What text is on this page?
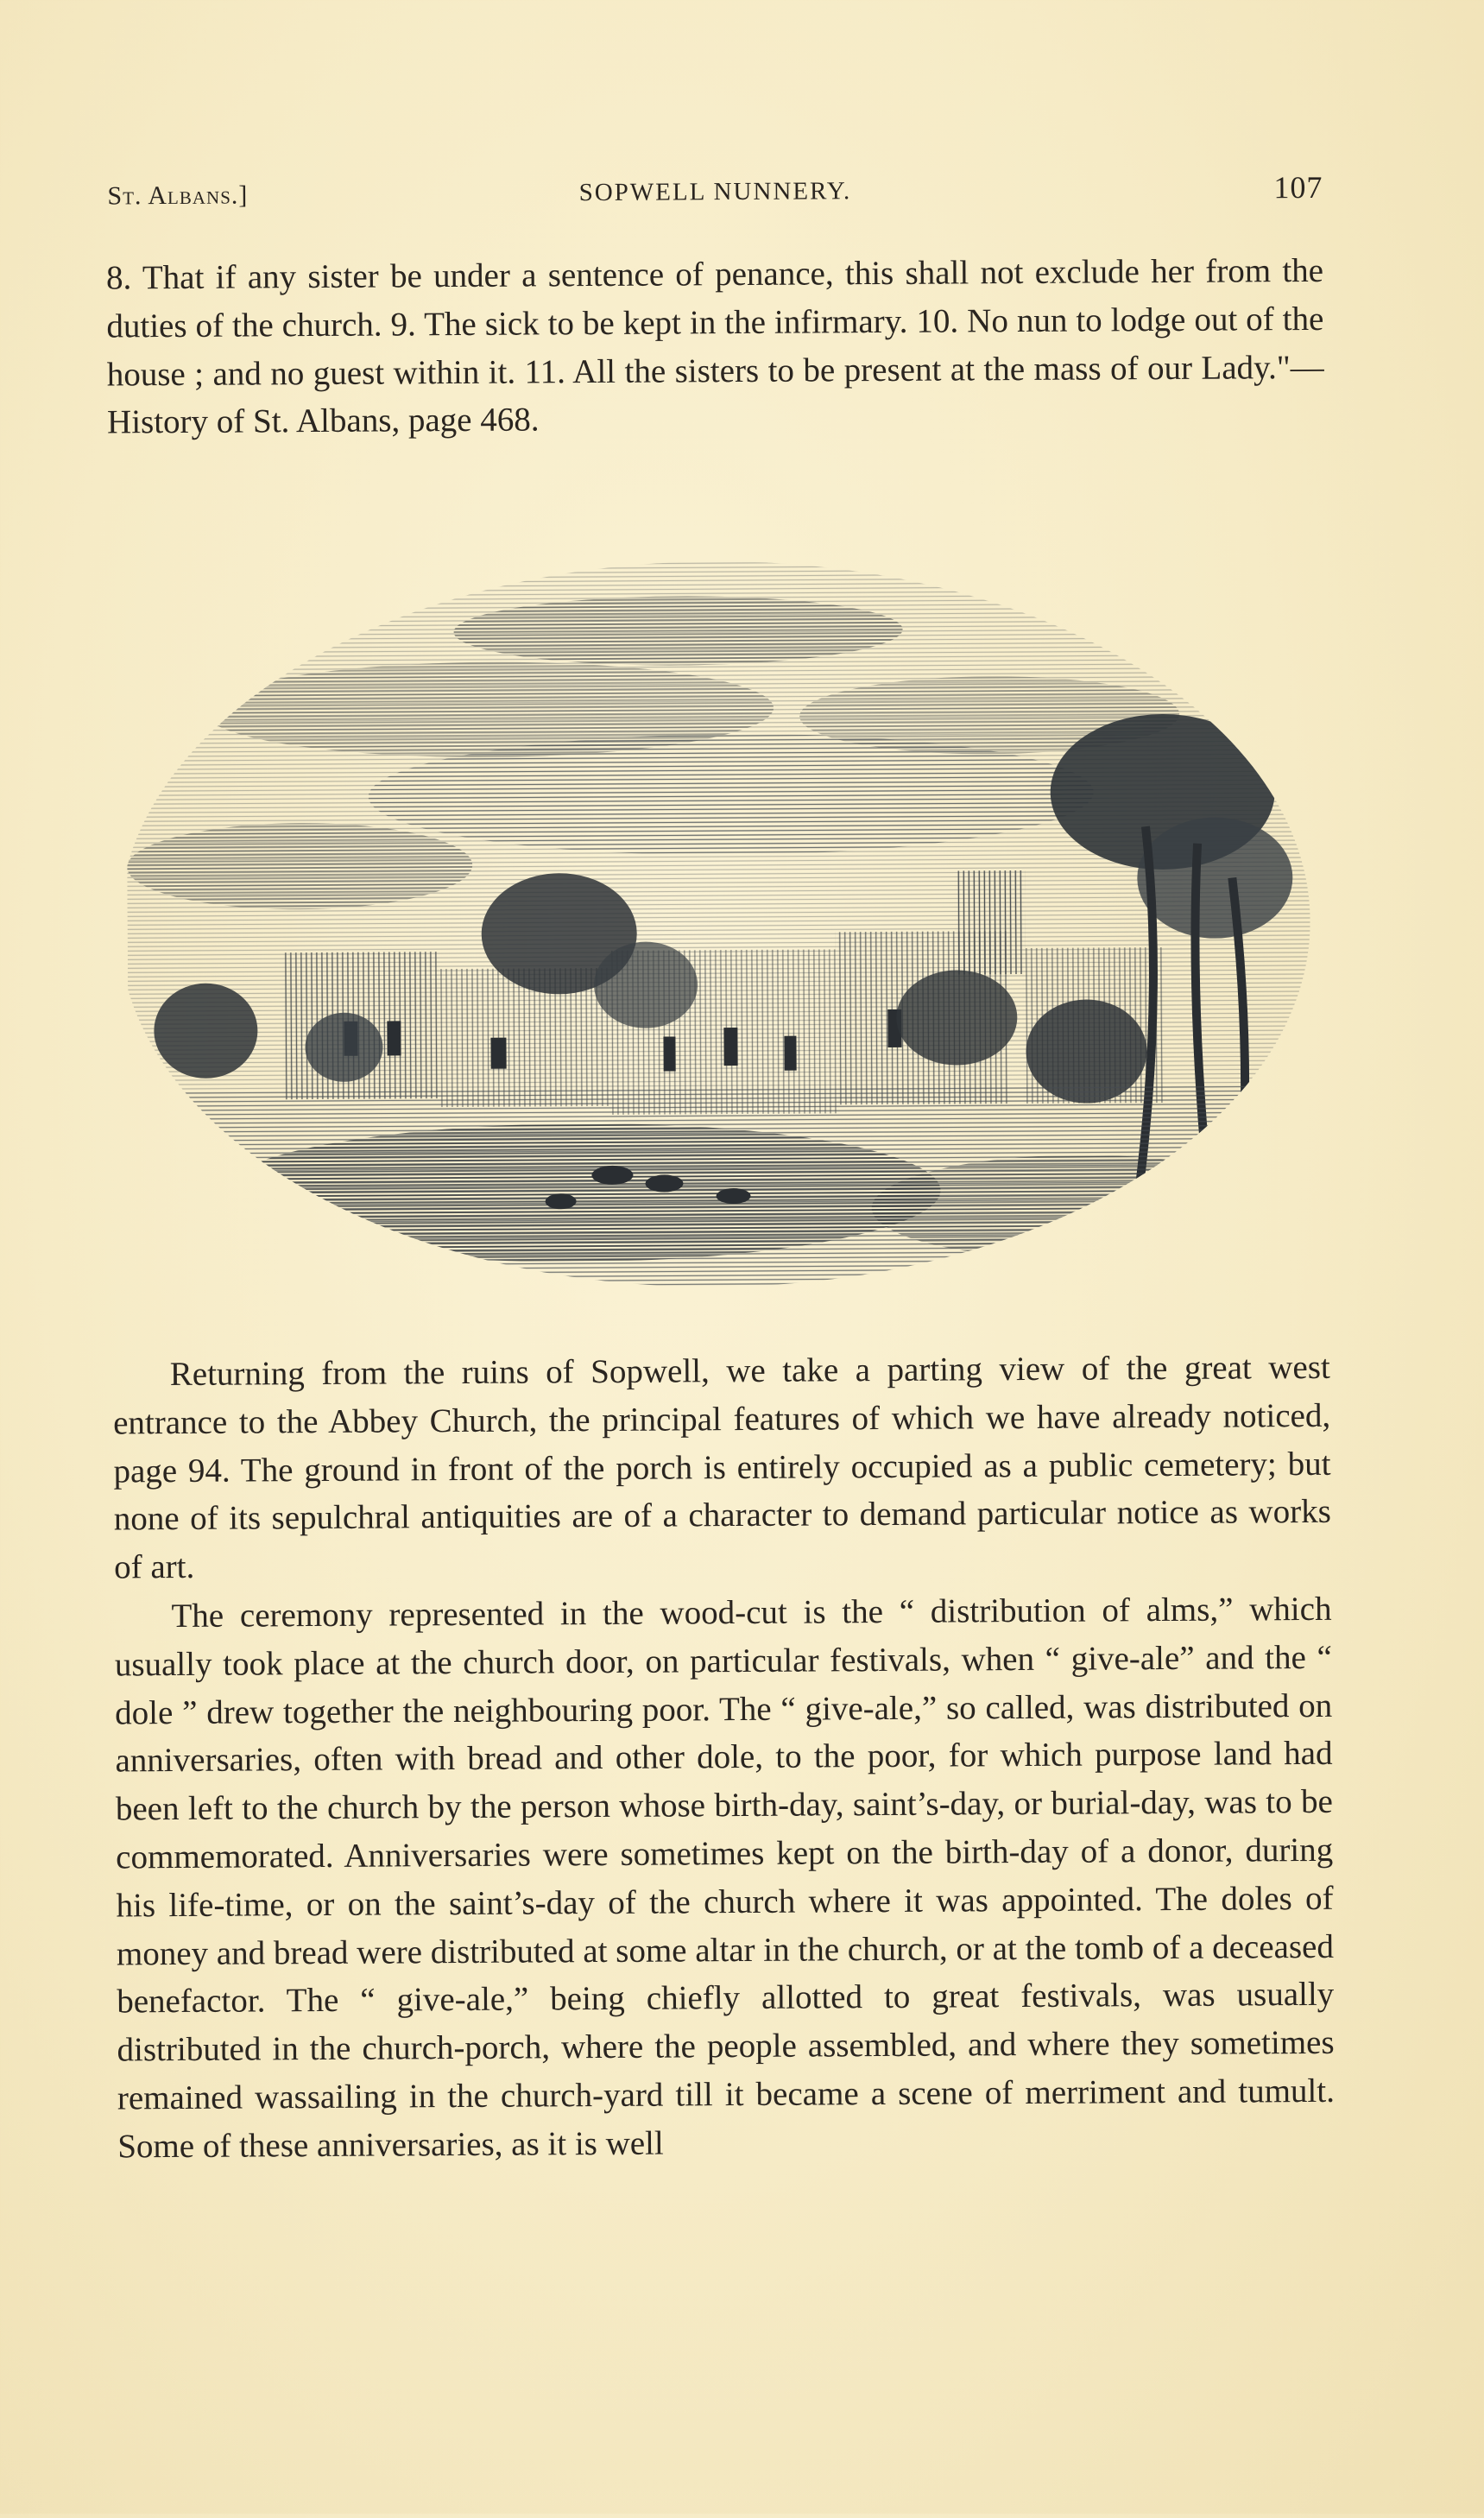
St. Albans.]	SOPWELL NUNNERY.	107
8. That if any sister be under a sentence of penance, this shall not exclude her from the duties of the church. 9. The sick to be kept in the infirmary. 10. No nun to lodge out of the house ; and no guest within it. 11. All the sisters to be present at the mass of our Lady."—History of St. Albans, page 468.
Returning from the ruins of Sopwell, we take a parting view of the great west entrance to the Abbey Church, the principal features of which we have already noticed, page 94. The ground in front of the porch is entirely occupied as a public cemetery; but none of its sepulchral antiquities are of a character to demand particular notice as works of art.
The ceremony represented in the wood-cut is the “ distribution of alms,” which usually took place at the church door, on particular festivals, when “ give-ale” and the “ dole ” drew together the neighbouring poor. The “ give-ale,” so called, was distributed on anniversaries, often with bread and other dole, to the poor, for which purpose land had been left to the church by the person whose birth-day, saint’s-day, or burial-day, was to be commemorated. Anniversaries were sometimes kept on the birth-day of a donor, during his life-time, or on the saint’s-day of the church where it was appointed. The doles of money and bread were distributed at some altar in the church, or at the tomb of a deceased benefactor. The “ give-ale,” being chiefly allotted to great festivals, was usually distributed in the church-porch, where the people assembled, and where they sometimes remained wassailing in the church-yard till it became a scene of merriment and tumult. Some of these anniversaries, as it is well
